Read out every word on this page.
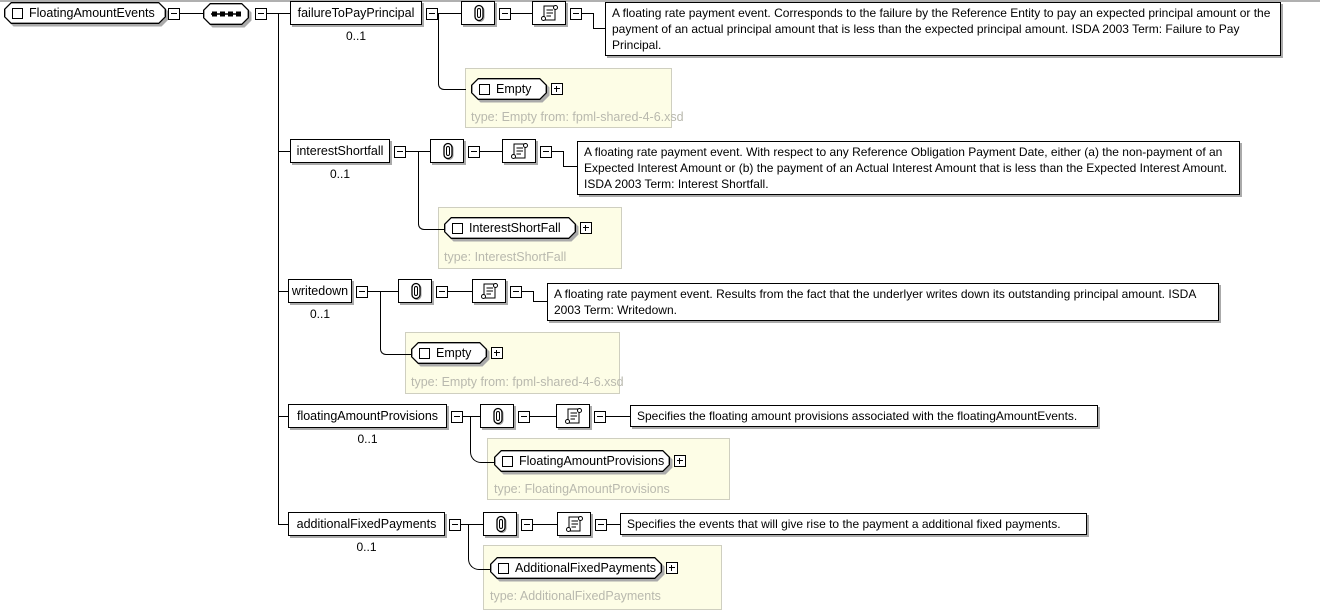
FloatingAmountEvents	failureToPayPrincipal
0..1
A floating rate payment event. Corresponds to the failure by the Reference Entity to pay an expected principal amount or the payment of an actual principal amount that is less than the expected principal amount. ISDA 2003 Term: Failure to Pay Principal.
Empty
type: Empty from: fpml-shared-4-6.xsd
interestShortfall
0..1
A floating rate payment event. With respect to any Reference Obligation Payment Date, either (a) the non-payment of an Expected Interest Amount or (b) the payment of an Actual Interest Amount that is less than the Expected Interest Amount. ISDA 2003 Term: Interest Shortfall.
InterestShortFall
type: InterestShortFall
writedown
0..1
A floating rate payment event. Results from the fact that the underlyer writes down its outstanding principal amount. ISDA 2003 Term: Writedown.
Empty
type: Empty from: fpml-shared-4-6.xsd
floatingAmountProvisions
0..1
Specifies the floating amount provisions associated with the floatingAmountEvents.
FloatingAmountProvisions
type: FloatingAmountProvisions
additionalFixedPayments
0..1
Specifies the events that will give rise to the payment a additional fixed payments.
AdditionalFixedPayments
type: AdditionalFixedPayments
